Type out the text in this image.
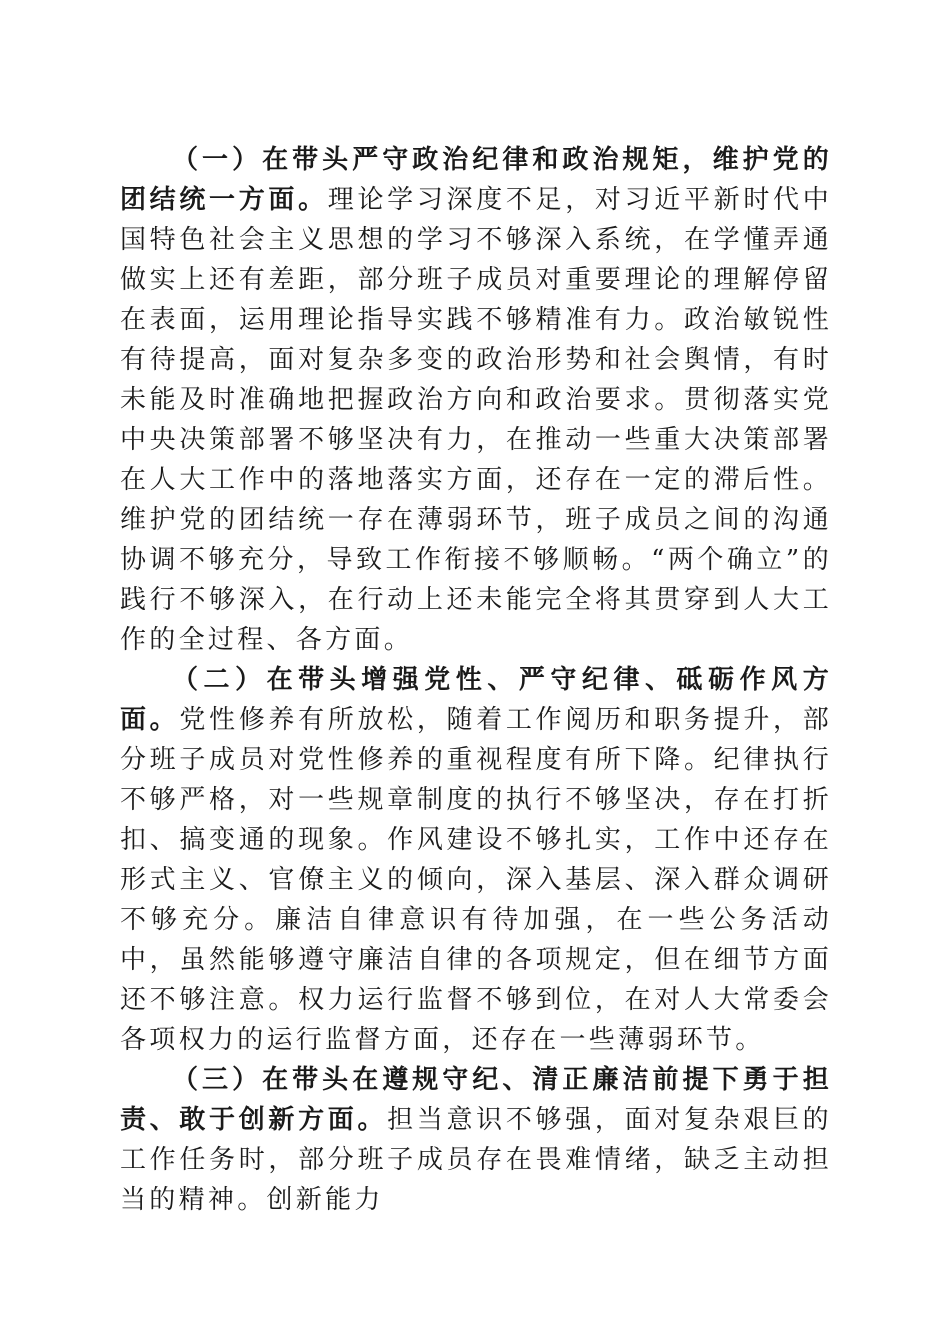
（一）在带头严守政治纪律和政治规矩，维护党的团结统一方面。理论学习深度不足，对习近平新时代中国特色社会主义思想的学习不够深入系统，在学懂弄通做实上还有差距，部分班子成员对重要理论的理解停留在表面，运用理论指导实践不够精准有力。政治敏锐性有待提高，面对复杂多变的政治形势和社会舆情，有时未能及时准确地把握政治方向和政治要求。贯彻落实党中央决策部署不够坚决有力，在推动一些重大决策部署在人大工作中的落地落实方面，还存在一定的滞后性。维护党的团结统一存在薄弱环节，班子成员之间的沟通协调不够充分，导致工作衔接不够顺畅。“两个确立”的践行不够深入，在行动上还未能完全将其贯穿到人大工作的全过程、各方面。

（二）在带头增强党性、严守纪律、砥砺作风方面。党性修养有所放松，随着工作阅历和职务提升，部分班子成员对党性修养的重视程度有所下降。纪律执行不够严格，对一些规章制度的执行不够坚决，存在打折扣、搞变通的现象。作风建设不够扎实，工作中还存在形式主义、官僚主义的倾向，深入基层、深入群众调研不够充分。廉洁自律意识有待加强，在一些公务活动中，虽然能够遵守廉洁自律的各项规定，但在细节方面还不够注意。权力运行监督不够到位，在对人大常委会各项权力的运行监督方面，还存在一些薄弱环节。

（三）在带头在遵规守纪、清正廉洁前提下勇于担责、敢于创新方面。担当意识不够强，面对复杂艰巨的工作任务时，部分班子成员存在畏难情绪，缺乏主动担当的精神。创新能力
